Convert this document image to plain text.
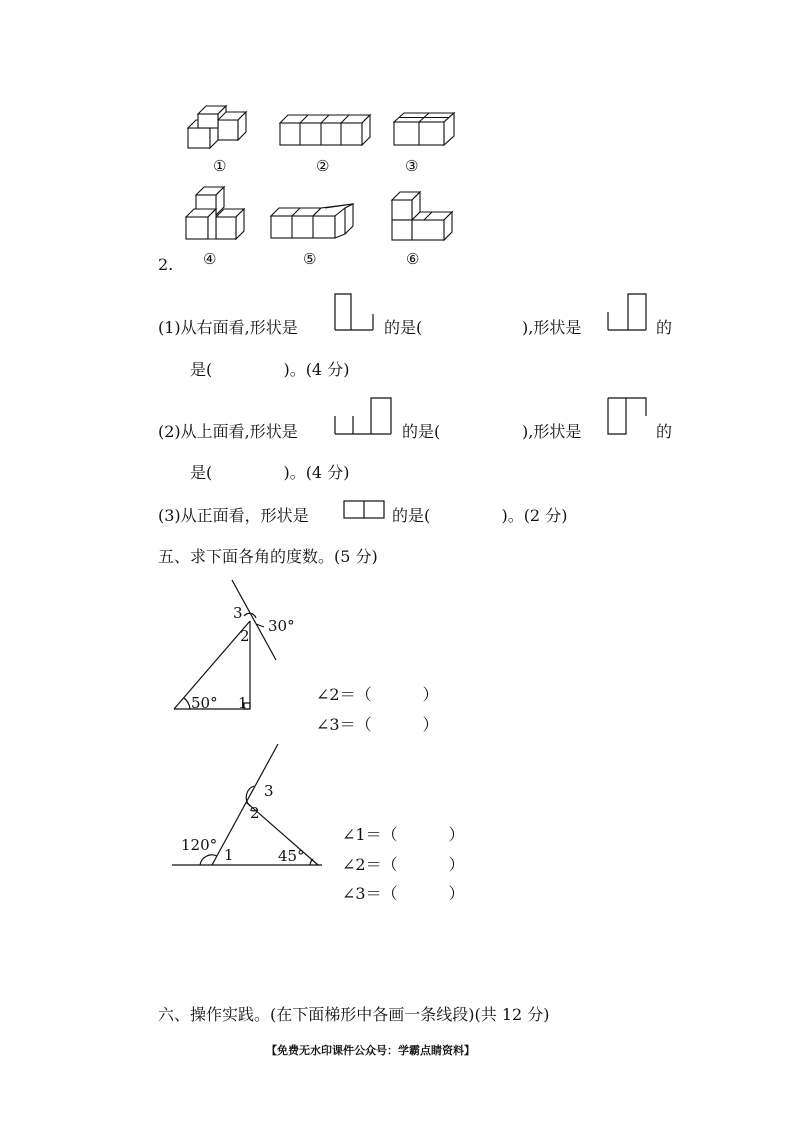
①	②	③
④	⑤	⑥
2.
(1)从右面看,形状是	的是(	),形状是	的
是(              )。(4 分)
(2)从上面看,形状是	的是(	),形状是	的
是(              )。(4 分)
(3)从正面看，形状是	的是(              )。(2 分)
五、求下面各角的度数。(5 分)
3
2
30°
50° 1	∠2＝（          ）
∠3＝（          ）
3
2
120°
1	45°
∠1＝（          ）
∠2＝（          ）
∠3＝（          ）
六、操作实践。(在下面梯形中各画一条线段)(共 12 分)
【免费无水印课件公众号：学霸点睛资料】
